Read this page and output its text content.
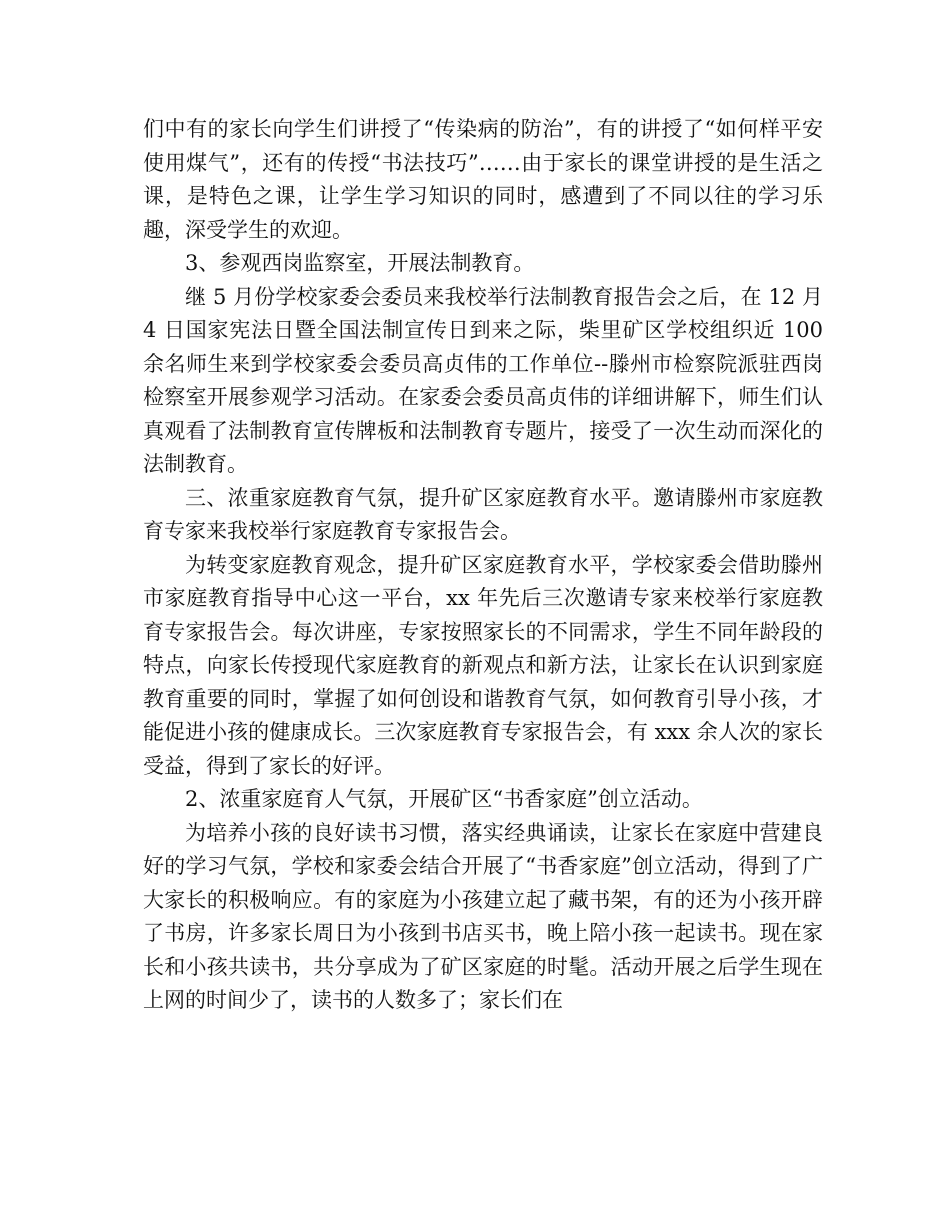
们中有的家长向学生们讲授了“传染病的防治”，有的讲授了“如何样平安使用煤气”，还有的传授“书法技巧”……由于家长的课堂讲授的是生活之课，是特色之课，让学生学习知识的同时，感遭到了不同以往的学习乐趣，深受学生的欢迎。

3、参观西岗监察室，开展法制教育。

继 5 月份学校家委会委员来我校举行法制教育报告会之后，在 12 月 4 日国家宪法日暨全国法制宣传日到来之际，柴里矿区学校组织近 100 余名师生来到学校家委会委员高贞伟的工作单位--滕州市检察院派驻西岗检察室开展参观学习活动。在家委会委员高贞伟的详细讲解下，师生们认真观看了法制教育宣传牌板和法制教育专题片，接受了一次生动而深化的法制教育。

三、浓重家庭教育气氛，提升矿区家庭教育水平。邀请滕州市家庭教育专家来我校举行家庭教育专家报告会。

为转变家庭教育观念，提升矿区家庭教育水平，学校家委会借助滕州市家庭教育指导中心这一平台，xx 年先后三次邀请专家来校举行家庭教育专家报告会。每次讲座，专家按照家长的不同需求，学生不同年龄段的特点，向家长传授现代家庭教育的新观点和新方法，让家长在认识到家庭教育重要的同时，掌握了如何创设和谐教育气氛，如何教育引导小孩，才能促进小孩的健康成长。三次家庭教育专家报告会，有 xxx 余人次的家长受益，得到了家长的好评。

2、浓重家庭育人气氛，开展矿区“书香家庭”创立活动。

为培养小孩的良好读书习惯，落实经典诵读，让家长在家庭中营建良好的学习气氛，学校和家委会结合开展了“书香家庭”创立活动，得到了广大家长的积极响应。有的家庭为小孩建立起了藏书架，有的还为小孩开辟了书房，许多家长周日为小孩到书店买书，晚上陪小孩一起读书。现在家长和小孩共读书，共分享成为了矿区家庭的时髦。活动开展之后学生现在上网的时间少了，读书的人数多了；家长们在
